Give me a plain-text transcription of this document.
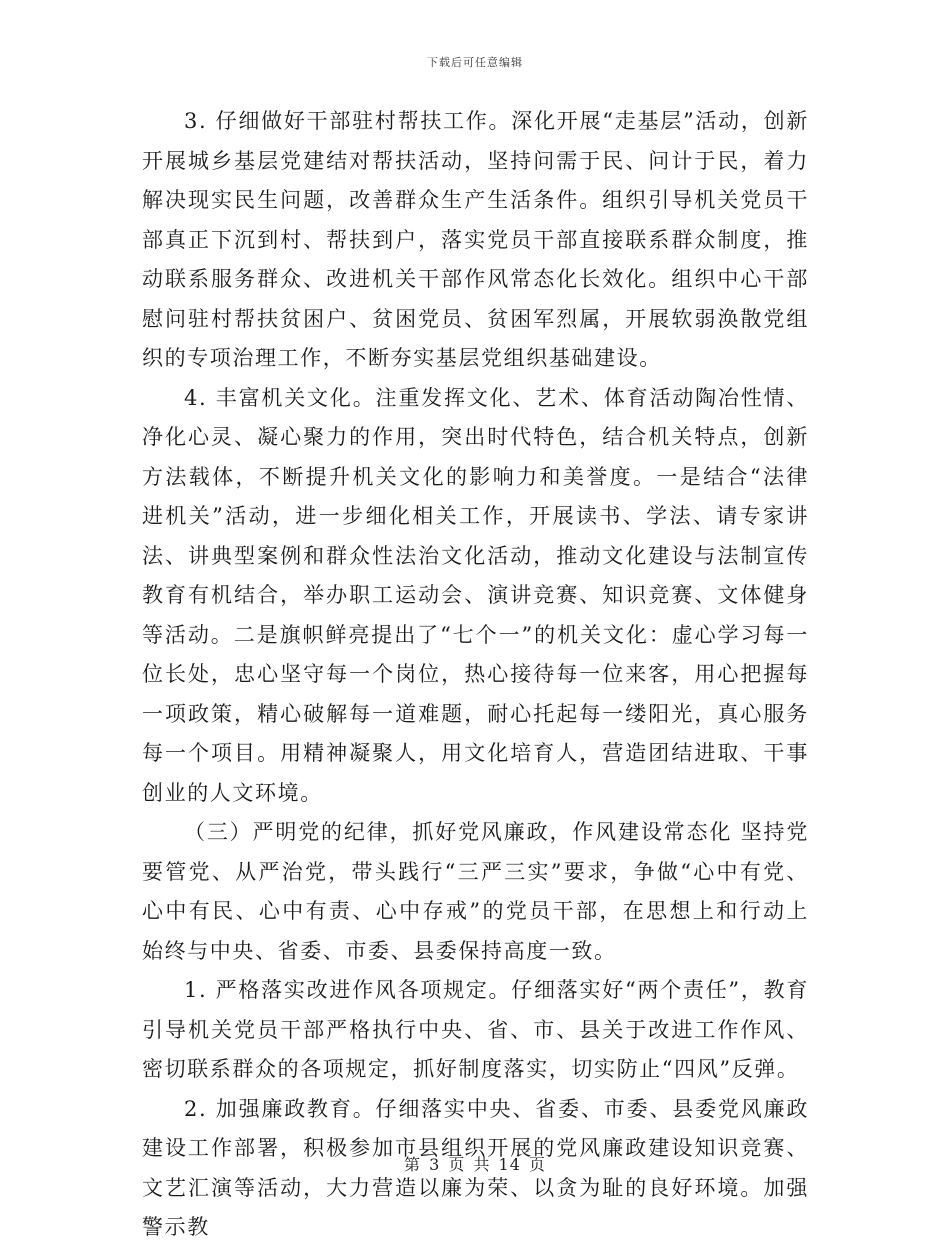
下载后可任意编辑

3. 仔细做好干部驻村帮扶工作。深化开展“走基层”活动，创新开展城乡基层党建结对帮扶活动，坚持问需于民、问计于民，着力解决现实民生问题，改善群众生产生活条件。组织引导机关党员干部真正下沉到村、帮扶到户，落实党员干部直接联系群众制度，推动联系服务群众、改进机关干部作风常态化长效化。组织中心干部慰问驻村帮扶贫困户、贫困党员、贫困军烈属，开展软弱涣散党组织的专项治理工作，不断夯实基层党组织基础建设。

4. 丰富机关文化。注重发挥文化、艺术、体育活动陶冶性情、净化心灵、凝心聚力的作用，突出时代特色，结合机关特点，创新方法载体，不断提升机关文化的影响力和美誉度。一是结合“法律进机关”活动，进一步细化相关工作，开展读书、学法、请专家讲法、讲典型案例和群众性法治文化活动，推动文化建设与法制宣传教育有机结合，举办职工运动会、演讲竞赛、知识竞赛、文体健身等活动。二是旗帜鲜亮提出了“七个一”的机关文化：虚心学习每一位长处，忠心坚守每一个岗位，热心接待每一位来客，用心把握每一项政策，精心破解每一道难题，耐心托起每一缕阳光，真心服务每一个项目。用精神凝聚人，用文化培育人，营造团结进取、干事创业的人文环境。

（三）严明党的纪律，抓好党风廉政，作风建设常态化 坚持党要管党、从严治党，带头践行“三严三实”要求，争做“心中有党、心中有民、心中有责、心中存戒”的党员干部，在思想上和行动上始终与中央、省委、市委、县委保持高度一致。

1. 严格落实改进作风各项规定。仔细落实好“两个责任”，教育引导机关党员干部严格执行中央、省、市、县关于改进工作作风、密切联系群众的各项规定，抓好制度落实，切实防止“四风”反弹。

2. 加强廉政教育。仔细落实中央、省委、市委、县委党风廉政建设工作部署，积极参加市县组织开展的党风廉政建设知识竞赛、文艺汇演等活动，大力营造以廉为荣、以贪为耻的良好环境。加强警示教

第 3 页 共 14 页
